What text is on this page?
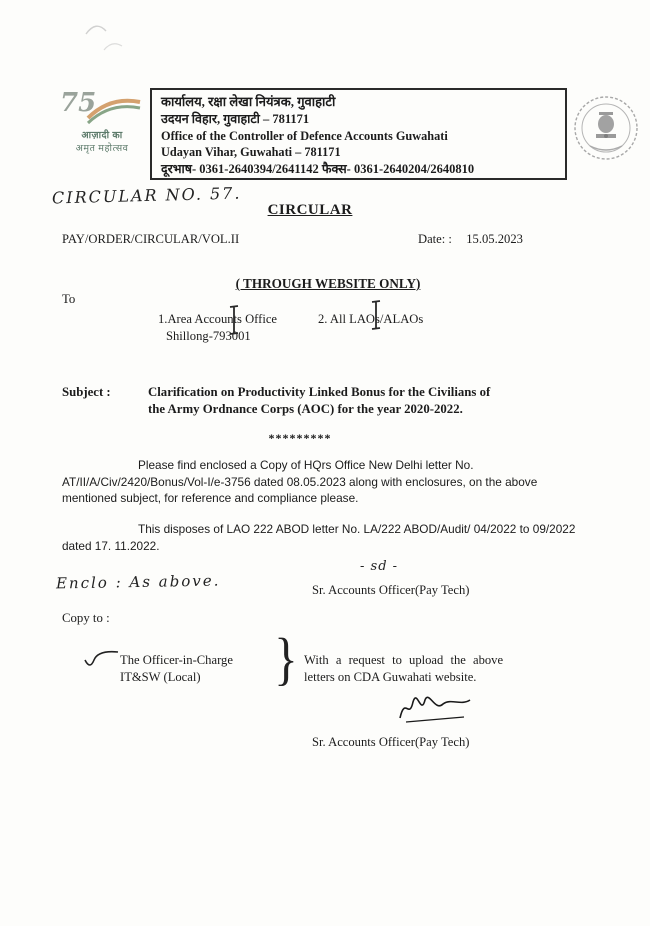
75
आज़ादी का
अमृत महोत्सव
कार्यालय, रक्षा लेखा नियंत्रक, गुवाहाटी
उदयन विहार, गुवाहाटी – 781171
Office of the Controller of Defence Accounts Guwahati
Udayan Vihar, Guwahati – 781171
दूरभाष- 0361-2640394/2641142 फैक्स- 0361-2640204/2640810
CIRCULAR NO. 57.
CIRCULAR
PAY/ORDER/CIRCULAR/VOL.II	Date: : 15.05.2023
( THROUGH WEBSITE ONLY)
To
1.Area Accounts Office	2. All LAOs/ALAOs
Shillong-793001
Subject :	Clarification on Productivity Linked Bonus for the Civilians of
the Army Ordnance Corps (AOC) for the year 2020-2022.
*********
Please find enclosed a Copy of HQrs Office New Delhi letter No. AT/II/A/Civ/2420/Bonus/Vol-I/e-3756 dated 08.05.2023 along with enclosures, on the above mentioned subject, for reference and compliance please.
This disposes of LAO 222 ABOD letter No. LA/222 ABOD/Audit/ 04/2022 to 09/2022 dated 17. 11.2022.
- sd -
Enclo : As above.	Sr. Accounts Officer(Pay Tech)
Copy to :
The Officer-in-Charge
IT&SW (Local) } With a request to upload the above
letters on CDA Guwahati website.
Sr. Accounts Officer(Pay Tech)
